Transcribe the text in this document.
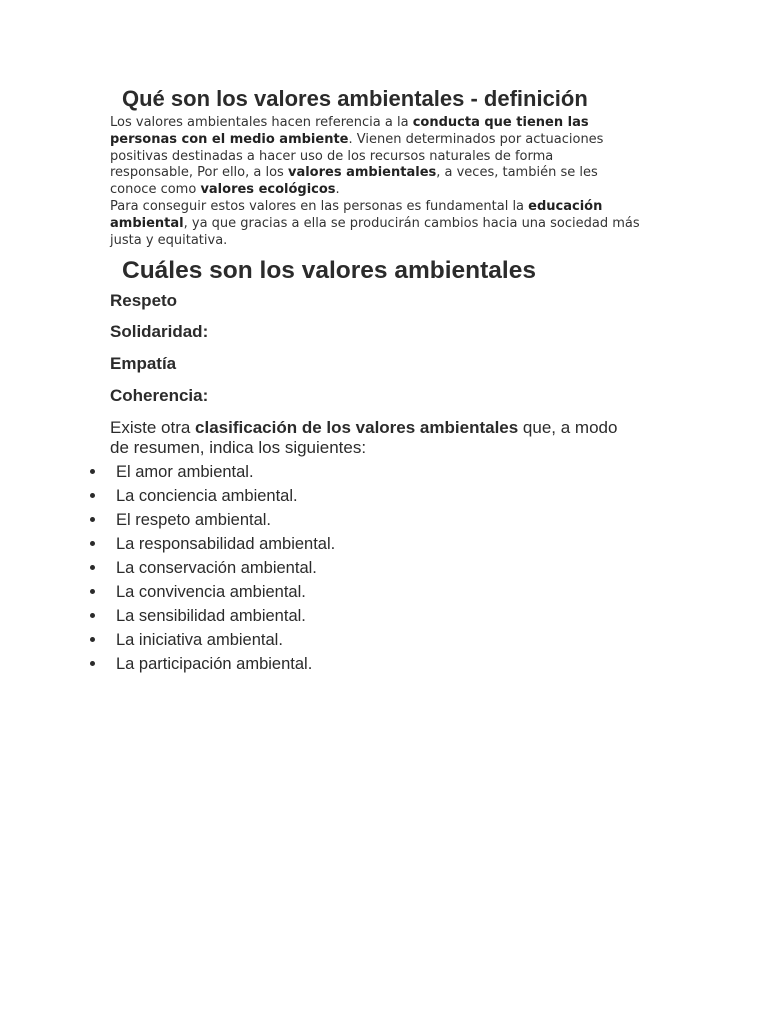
Qué son los valores ambientales - definición

Los valores ambientales hacen referencia a la conducta que tienen las personas con el medio ambiente. Vienen determinados por actuaciones positivas destinadas a hacer uso de los recursos naturales de forma responsable, Por ello, a los valores ambientales, a veces, también se les conoce como valores ecológicos.

Para conseguir estos valores en las personas es fundamental la educación ambiental, ya que gracias a ella se producirán cambios hacia una sociedad más justa y equitativa.

Cuáles son los valores ambientales

Respeto

Solidaridad:

Empatía

Coherencia:

Existe otra clasificación de los valores ambientales que, a modo de resumen, indica los siguientes:

El amor ambiental.
La conciencia ambiental.
El respeto ambiental.
La responsabilidad ambiental.
La conservación ambiental.
La convivencia ambiental.
La sensibilidad ambiental.
La iniciativa ambiental.
La participación ambiental.
